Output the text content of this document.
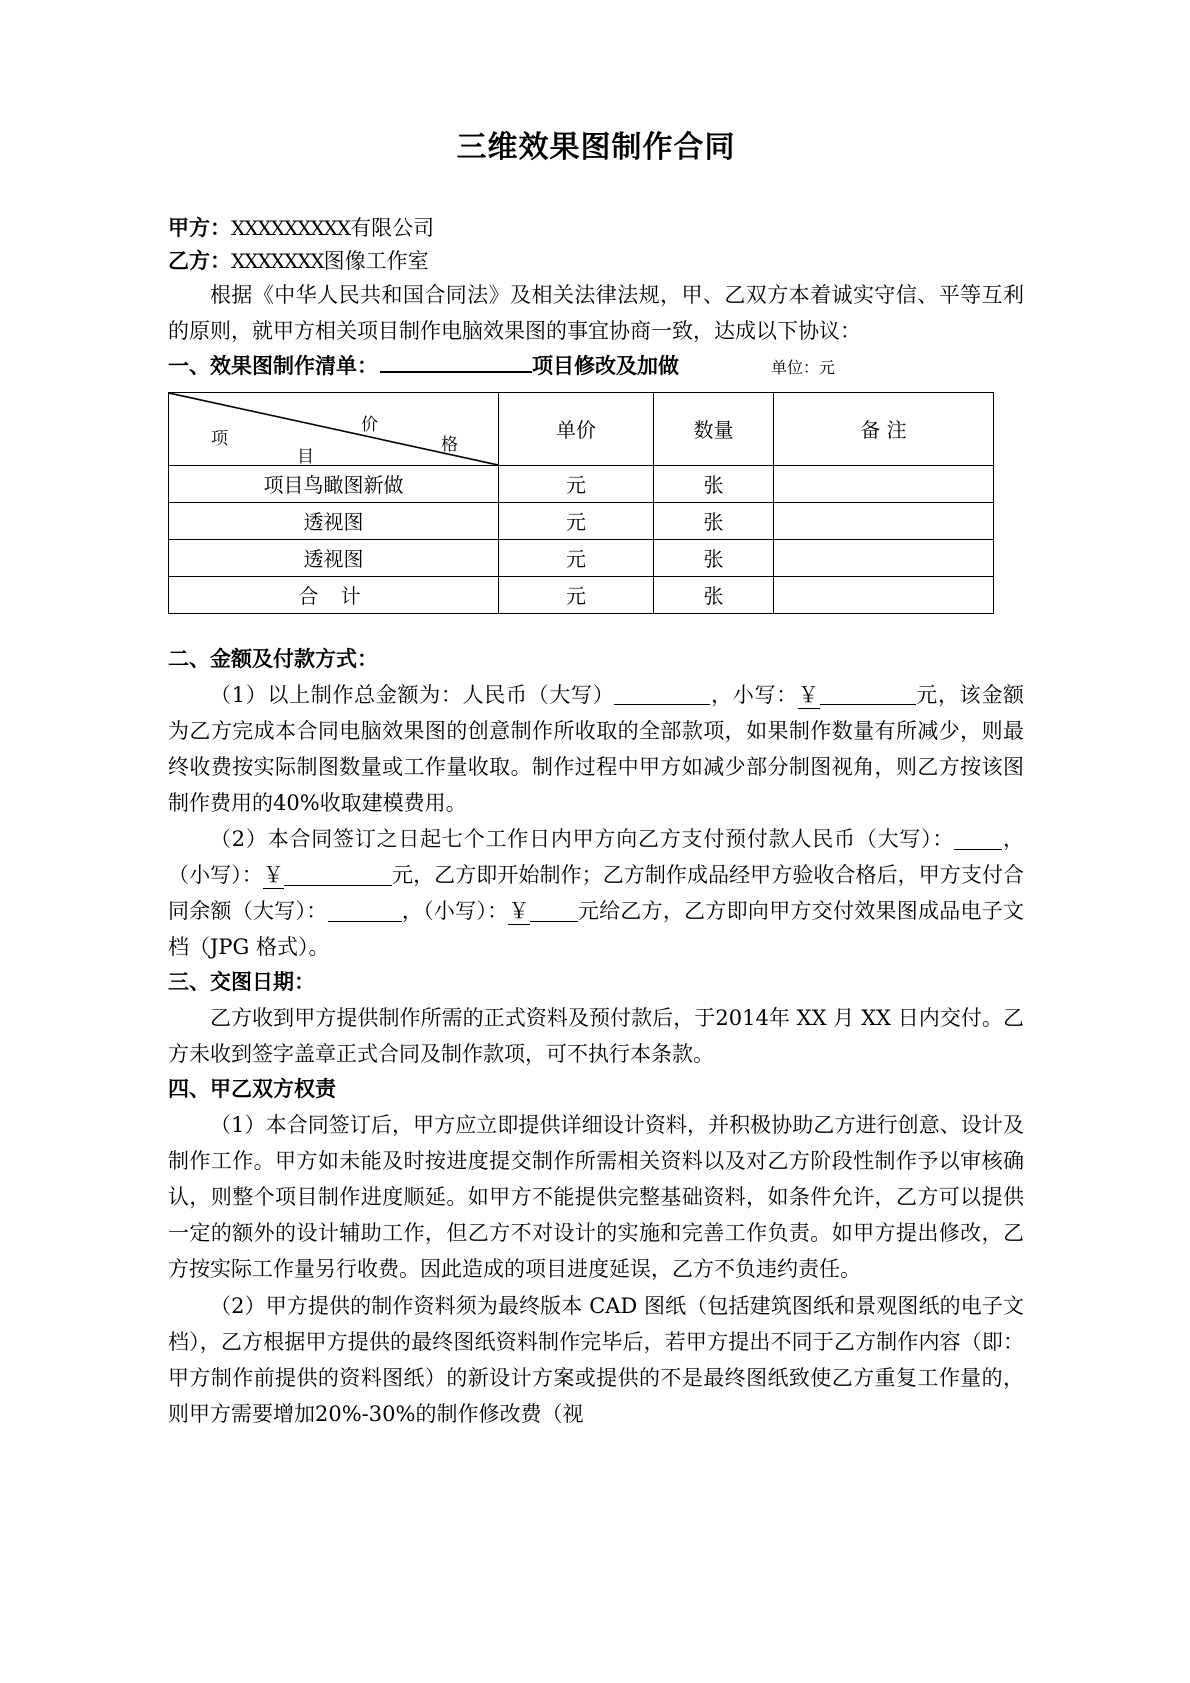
三维效果图制作合同
甲方：XXXXXXXXX有限公司
乙方：XXXXXXX图像工作室

根据《中华人民共和国合同法》及相关法律法规，甲、乙双方本着诚实守信、平等互利的原则，就甲方相关项目制作电脑效果图的事宜协商一致，达成以下协议：

一、效果图制作清单：	项目修改及加做	单位：元
项
目
价
格	单价	数量	备 注
项目鸟瞰图新做	元	张	
透视图	元	张	
透视图	元	张	
合 计	元	张	
二、金额及付款方式：

（1）以上制作总金额为：人民币（大写）	，小写：￥	元，该金额为乙方完成本合同电脑效果图的创意制作所收取的全部款项，如果制作数量有所减少，则最终收费按实际制图数量或工作量收取。制作过程中甲方如减少部分制图视角，则乙方按该图制作费用的40%收取建模费用。

（2）本合同签订之日起七个工作日内甲方向乙方支付预付款人民币（大写）： ，（小写）：￥	元，乙方即开始制作；乙方制作成品经甲方验收合格后，甲方支付合同余额（大写）：	，（小写）：￥ 元给乙方，乙方即向甲方交付效果图成品电子文档（JPG 格式）。

三、交图日期：

乙方收到甲方提供制作所需的正式资料及预付款后，于2014年 XX 月 XX 日内交付。乙方未收到签字盖章正式合同及制作款项，可不执行本条款。

四、甲乙双方权责

（1）本合同签订后，甲方应立即提供详细设计资料，并积极协助乙方进行创意、设计及制作工作。甲方如未能及时按进度提交制作所需相关资料以及对乙方阶段性制作予以审核确认，则整个项目制作进度顺延。如甲方不能提供完整基础资料，如条件允许，乙方可以提供一定的额外的设计辅助工作，但乙方不对设计的实施和完善工作负责。如甲方提出修改，乙方按实际工作量另行收费。因此造成的项目进度延误，乙方不负违约责任。

（2）甲方提供的制作资料须为最终版本 CAD 图纸（包括建筑图纸和景观图纸的电子文档），乙方根据甲方提供的最终图纸资料制作完毕后，若甲方提出不同于乙方制作内容（即：甲方制作前提供的资料图纸）的新设计方案或提供的不是最终图纸致使乙方重复工作量的，则甲方需要增加20%-30%的制作修改费（视
